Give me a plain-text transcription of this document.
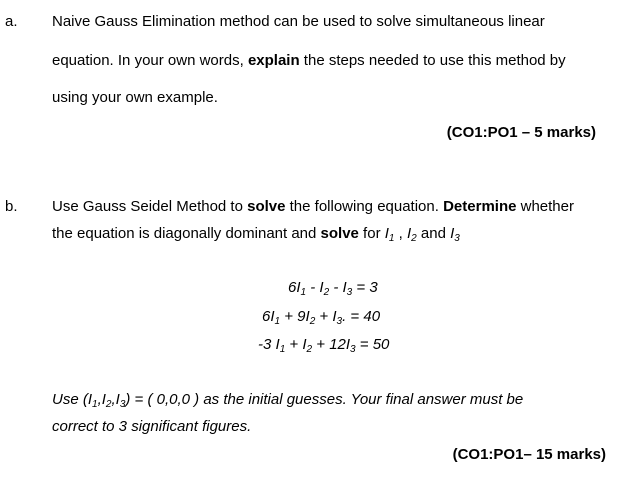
a. Naive Gauss Elimination method can be used to solve simultaneous linear
equation. In your own words, explain the steps needed to use this method by
using your own example.
(CO1:PO1 – 5 marks)
b. Use Gauss Seidel Method to solve the following equation. Determine whether
the equation is diagonally dominant and solve for $I_1$ , $I_2$ and $I_3$
$6I_1 - I_2 - I_3 = 3$
$6I_1 + 9I_2 + I_3$. = 40
-3 $I_1 + I_2 + 12I_3 = 50$
Use $(I_1,I_2,I_3)$ = ( 0,0,0 ) as the initial guesses. Your final answer must be
correct to 3 significant figures.
(CO1:PO1– 15 marks)
